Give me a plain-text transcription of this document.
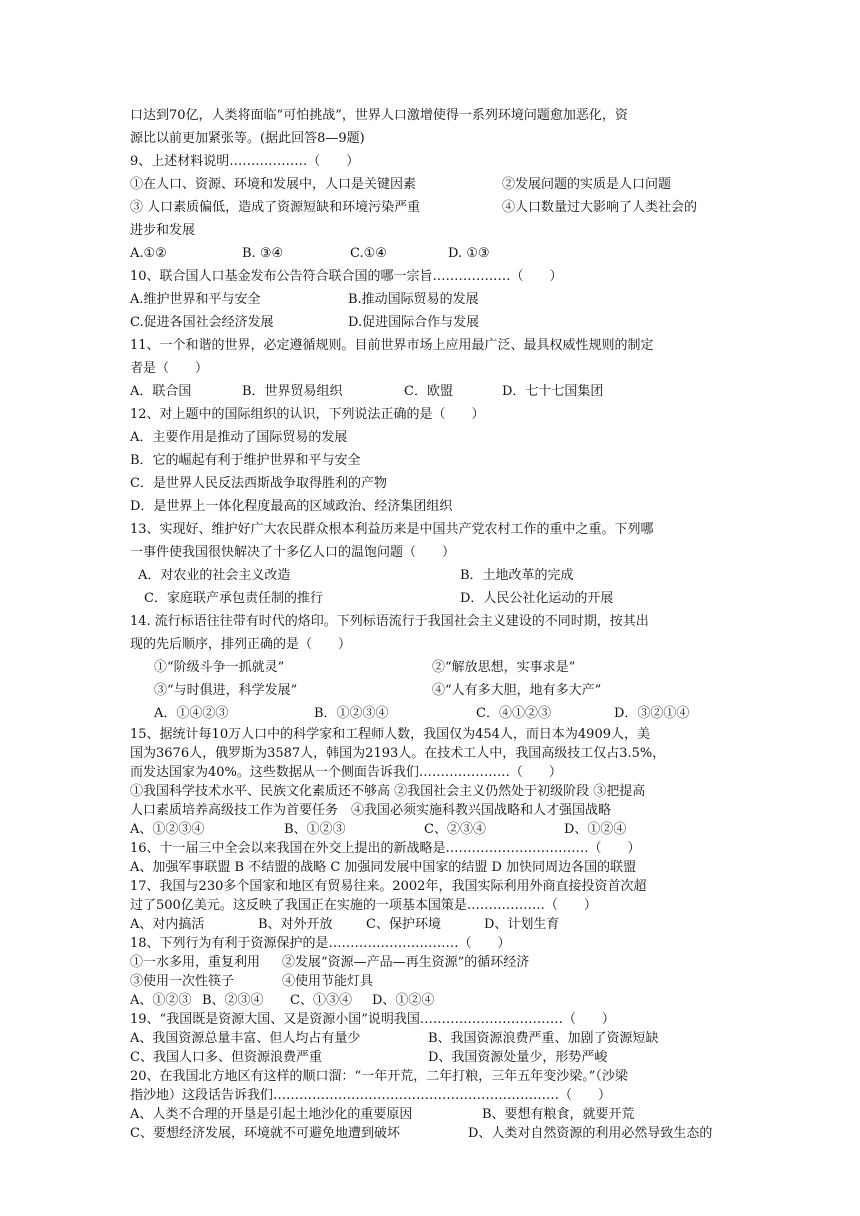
口达到70亿，人类将面临“可怕挑战”，世界人口激增使得一系列环境问题愈加恶化，资
源比以前更加紧张等。(据此回答8—9题)
9、上述材料说明………………（　　）
①在人口、资源、环境和发展中，人口是关键因素	②发展问题的实质是人口问题
③ 人口素质偏低，造成了资源短缺和环境污染严重	④人口数量过大影响了人类社会的
进步和发展
A.①②	B. ③④	C.①④	D. ①③
10、联合国人口基金发布公告符合联合国的哪一宗旨………………（　　）
A.维护世界和平与安全	B.推动国际贸易的发展
C.促进各国社会经济发展	D.促进国际合作与发展
11、一个和谐的世界，必定遵循规则。目前世界市场上应用最广泛、最具权威性规则的制定
者是（　　）
A．联合国	B．世界贸易组织	C．欧盟	D．七十七国集团
12、对上题中的国际组织的认识，下列说法正确的是（　　）
A．主要作用是推动了国际贸易的发展
B．它的崛起有利于维护世界和平与安全
C．是世界人民反法西斯战争取得胜利的产物
D．是世界上一体化程度最高的区域政治、经济集团组织
13、实现好、维护好广大农民群众根本利益历来是中国共产党农村工作的重中之重。下列哪
一事件使我国很快解决了十多亿人口的温饱问题（　　）
A．对农业的社会主义改造	B．土地改革的完成
C．家庭联产承包责任制的推行	D．人民公社化运动的开展
14. 流行标语往往带有时代的烙印。下列标语流行于我国社会主义建设的不同时期，按其出
现的先后顺序，排列正确的是（　　）
①“阶级斗争一抓就灵”	②“解放思想，实事求是”
③“与时俱进，科学发展”	④“人有多大胆，地有多大产”
A．①④②③	B．①②③④	C．④①②③	D．③②①④
15、据统计每10万人口中的科学家和工程师人数，我国仅为454人，而日本为4909人，美
国为3676人，俄罗斯为3587人，韩国为2193人。在技术工人中，我国高级技工仅占3.5%，
而发达国家为40%。这些数据从一个侧面告诉我们…………………（　　）
①我国科学技术水平、民族文化素质还不够高 ②我国社会主义仍然处于初级阶段 ③把提高
人口素质培养高级技工作为首要任务　④我国必须实施科教兴国战略和人才强国战略
A、①②③④	B、①②③	C、②③④	D、①②④
16、十一届三中全会以来我国在外交上提出的新战略是……………………………（　　）
A、加强军事联盟 B 不结盟的战略 C 加强同发展中国家的结盟 D 加快同周边各国的联盟
17、我国与230多个国家和地区有贸易往来。2002年，我国实际利用外商直接投资首次超
过了500亿美元。这反映了我国正在实施的一项基本国策是………………（　　）
A、对内搞活	B、对外开放	C、保护环境	D、计划生育
18、下列行为有利于资源保护的是…………………………（　　）
①一水多用，重复利用	②发展“资源—产品—再生资源”的循环经济
③使用一次性筷子	④使用节能灯具
A、①②③ B、②③④	C、①③④	D、①②④
19、“我国既是资源大国、又是资源小国”说明我国……………………………（　　）
A、我国资源总量丰富、但人均占有量少	B、我国资源浪费严重、加剧了资源短缺
C、我国人口多、但资源浪费严重	D、我国资源处量少，形势严峻
20、在我国北方地区有这样的顺口溜：“一年开荒，二年打粮，三年五年变沙梁。”（沙梁
指沙地）这段话告诉我们…………………………………………………………（　　）
A、人类不合理的开垦是引起土地沙化的重要原因	B、要想有粮食，就要开荒
C、要想经济发展，环境就不可避免地遭到破坏	D、人类对自然资源的利用必然导致生态的
